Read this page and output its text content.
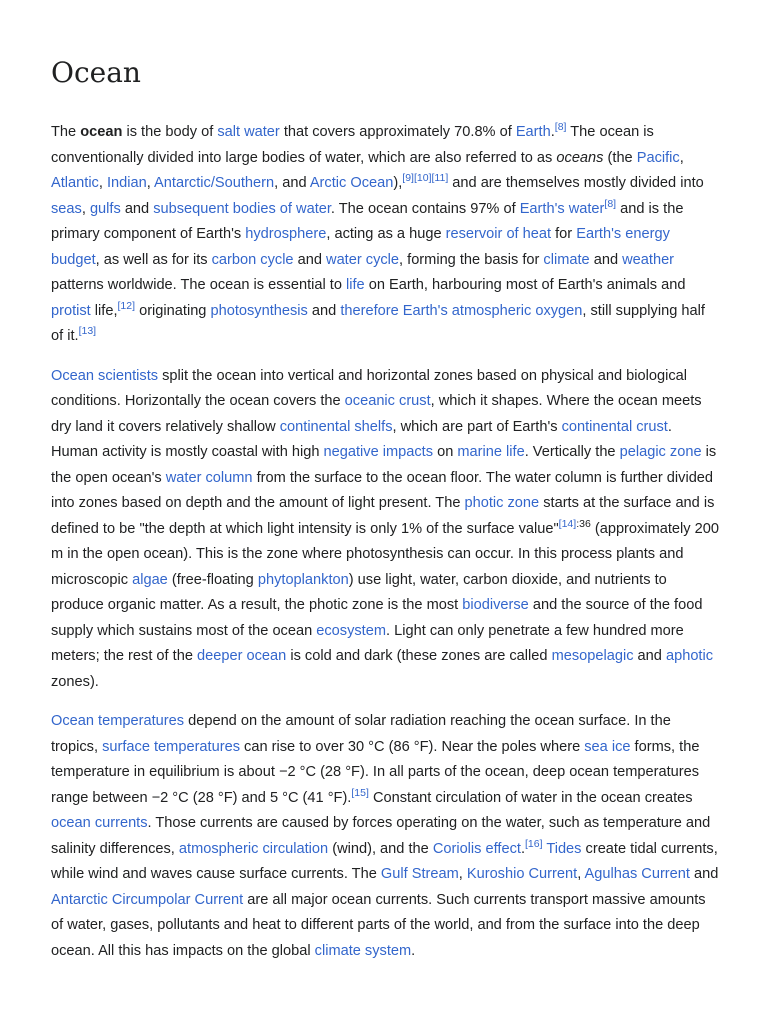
Ocean

The ocean is the body of salt water that covers approximately 70.8% of Earth.[8] The ocean is conventionally divided into large bodies of water, which are also referred to as oceans (the Pacific, Atlantic, Indian, Antarctic/Southern, and Arctic Ocean),[9][10][11] and are themselves mostly divided into seas, gulfs and subsequent bodies of water. The ocean contains 97% of Earth's water[8] and is the primary component of Earth's hydrosphere, acting as a huge reservoir of heat for Earth's energy budget, as well as for its carbon cycle and water cycle, forming the basis for climate and weather patterns worldwide. The ocean is essential to life on Earth, harbouring most of Earth's animals and protist life,[12] originating photosynthesis and therefore Earth's atmospheric oxygen, still supplying half of it.[13]

Ocean scientists split the ocean into vertical and horizontal zones based on physical and biological conditions. Horizontally the ocean covers the oceanic crust, which it shapes. Where the ocean meets dry land it covers relatively shallow continental shelfs, which are part of Earth's continental crust. Human activity is mostly coastal with high negative impacts on marine life. Vertically the pelagic zone is the open ocean's water column from the surface to the ocean floor. The water column is further divided into zones based on depth and the amount of light present. The photic zone starts at the surface and is defined to be "the depth at which light intensity is only 1% of the surface value"$^{[14]:36}$ (approximately 200 m in the open ocean). This is the zone where photosynthesis can occur. In this process plants and microscopic algae (free-floating phytoplankton) use light, water, carbon dioxide, and nutrients to produce organic matter. As a result, the photic zone is the most biodiverse and the source of the food supply which sustains most of the ocean ecosystem. Light can only penetrate a few hundred more meters; the rest of the deeper ocean is cold and dark (these zones are called mesopelagic and aphotic zones).

Ocean temperatures depend on the amount of solar radiation reaching the ocean surface. In the tropics, surface temperatures can rise to over 30 °C (86 °F). Near the poles where sea ice forms, the temperature in equilibrium is about −2 °C (28 °F). In all parts of the ocean, deep ocean temperatures range between −2 °C (28 °F) and 5 °C (41 °F).[15] Constant circulation of water in the ocean creates ocean currents. Those currents are caused by forces operating on the water, such as temperature and salinity differences, atmospheric circulation (wind), and the Coriolis effect.[16] Tides create tidal currents, while wind and waves cause surface currents. The Gulf Stream, Kuroshio Current, Agulhas Current and Antarctic Circumpolar Current are all major ocean currents. Such currents transport massive amounts of water, gases, pollutants and heat to different parts of the world, and from the surface into the deep ocean. All this has impacts on the global climate system.
